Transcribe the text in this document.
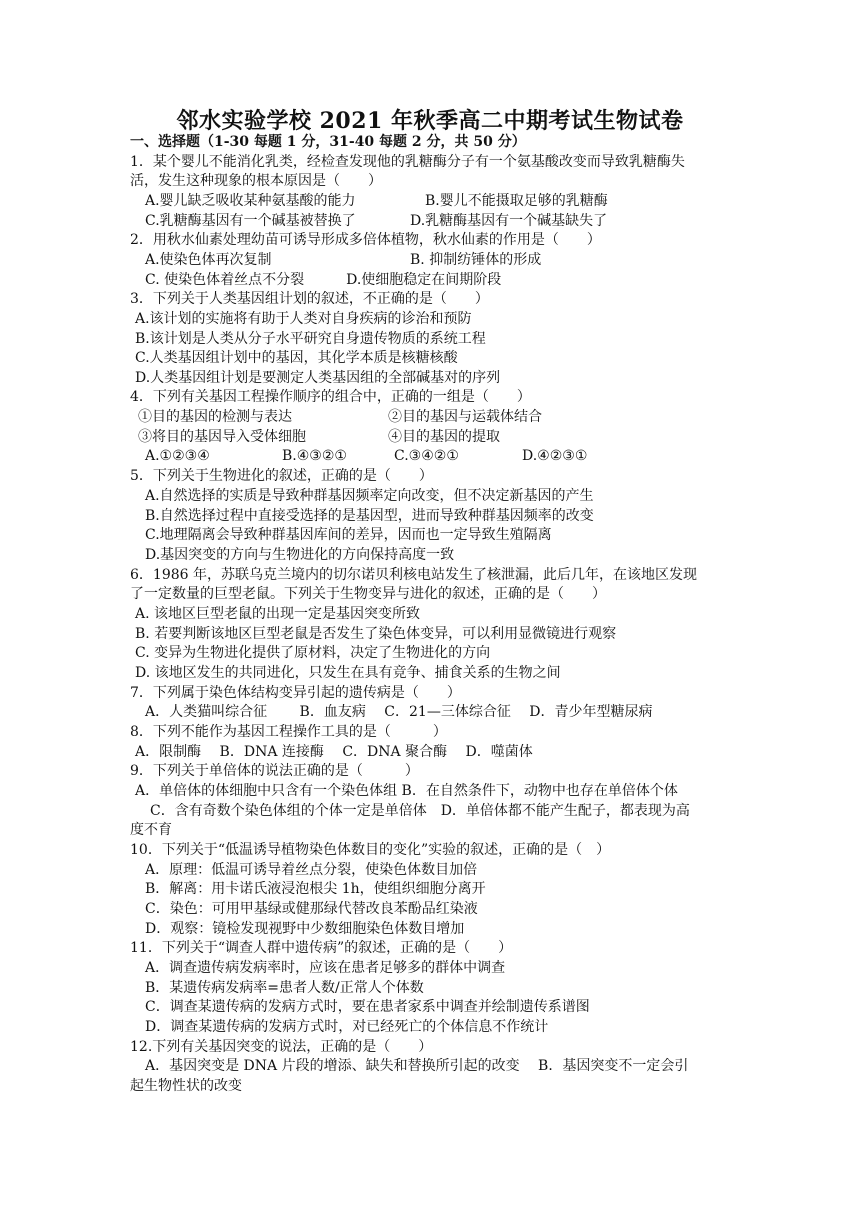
邻水实验学校 2021 年秋季高二中期考试生物试卷
一、选择题（1-30 每题 1 分，31-40 每题 2 分，共 50 分）
1．某个婴儿不能消化乳类，经检查发现他的乳糖酶分子有一个氨基酸改变而导致乳糖酶失
活，发生这种现象的根本原因是（　　）
A.婴儿缺乏吸收某种氨基酸的能力	B.婴儿不能摄取足够的乳糖酶
C.乳糖酶基因有一个碱基被替换了	D.乳糖酶基因有一个碱基缺失了
2．用秋水仙素处理幼苗可诱导形成多倍体植物，秋水仙素的作用是（　　）
A.使染色体再次复制	B. 抑制纺锤体的形成
C. 使染色体着丝点不分裂　　　D.使细胞稳定在间期阶段
3．下列关于人类基因组计划的叙述，不正确的是（　　）
A.该计划的实施将有助于人类对自身疾病的诊治和预防
B.该计划是人类从分子水平研究自身遗传物质的系统工程
C.人类基因组计划中的基因，其化学本质是核糖核酸
D.人类基因组计划是要测定人类基因组的全部碱基对的序列
4．下列有关基因工程操作顺序的组合中，正确的一组是（　　）
①目的基因的检测与表达	②目的基因与运载体结合
③将目的基因导入受体细胞	④目的基因的提取
A.①②③④	B.④③②①	C.③④②①	D.④②③①
5．下列关于生物进化的叙述，正确的是（　　）
A.自然选择的实质是导致种群基因频率定向改变，但不决定新基因的产生
B.自然选择过程中直接受选择的是基因型，进而导致种群基因频率的改变
C.地理隔离会导致种群基因库间的差异，因而也一定导致生殖隔离
D.基因突变的方向与生物进化的方向保持高度一致
6．1986 年，苏联乌克兰境内的切尔诺贝利核电站发生了核泄漏，此后几年，在该地区发现
了一定数量的巨型老鼠。下列关于生物变异与进化的叙述，正确的是（　　）
A. 该地区巨型老鼠的出现一定是基因突变所致
B. 若要判断该地区巨型老鼠是否发生了染色体变异，可以利用显微镜进行观察
C. 变异为生物进化提供了原材料，决定了生物进化的方向
D. 该地区发生的共同进化，只发生在具有竞争、捕食关系的生物之间
7．下列属于染色体结构变异引起的遗传病是（　　）
A．人类猫叫综合征　　 B．血友病　 C．21—三体综合征　 D．青少年型糖尿病
8．下列不能作为基因工程操作工具的是（　　　）
A．限制酶　 B．DNA 连接酶　 C．DNA 聚合酶　 D．噬菌体
9．下列关于单倍体的说法正确的是（　　　）
A．单倍体的体细胞中只含有一个染色体组 B．在自然条件下，动物中也存在单倍体个体
C．含有奇数个染色体组的个体一定是单倍体　D．单倍体都不能产生配子，都表现为高
度不育
10．下列关于“低温诱导植物染色体数目的变化”实验的叙述，正确的是（　）
A．原理：低温可诱导着丝点分裂，使染色体数目加倍
B．解离：用卡诺氏液浸泡根尖 1h，使组织细胞分离开
C．染色：可用甲基绿或健那绿代替改良苯酚品红染液
D．观察：镜检发现视野中少数细胞染色体数目增加
11．下列关于“调查人群中遗传病”的叙述，正确的是（　　）
A．调查遗传病发病率时，应该在患者足够多的群体中调查
B．某遗传病发病率=患者人数/正常人个体数
C．调查某遗传病的发病方式时，要在患者家系中调查并绘制遗传系谱图
D．调查某遗传病的发病方式时，对已经死亡的个体信息不作统计
12.下列有关基因突变的说法，正确的是（　　）
A．基因突变是 DNA 片段的增添、缺失和替换所引起的改变　 B．基因突变不一定会引
起生物性状的改变
